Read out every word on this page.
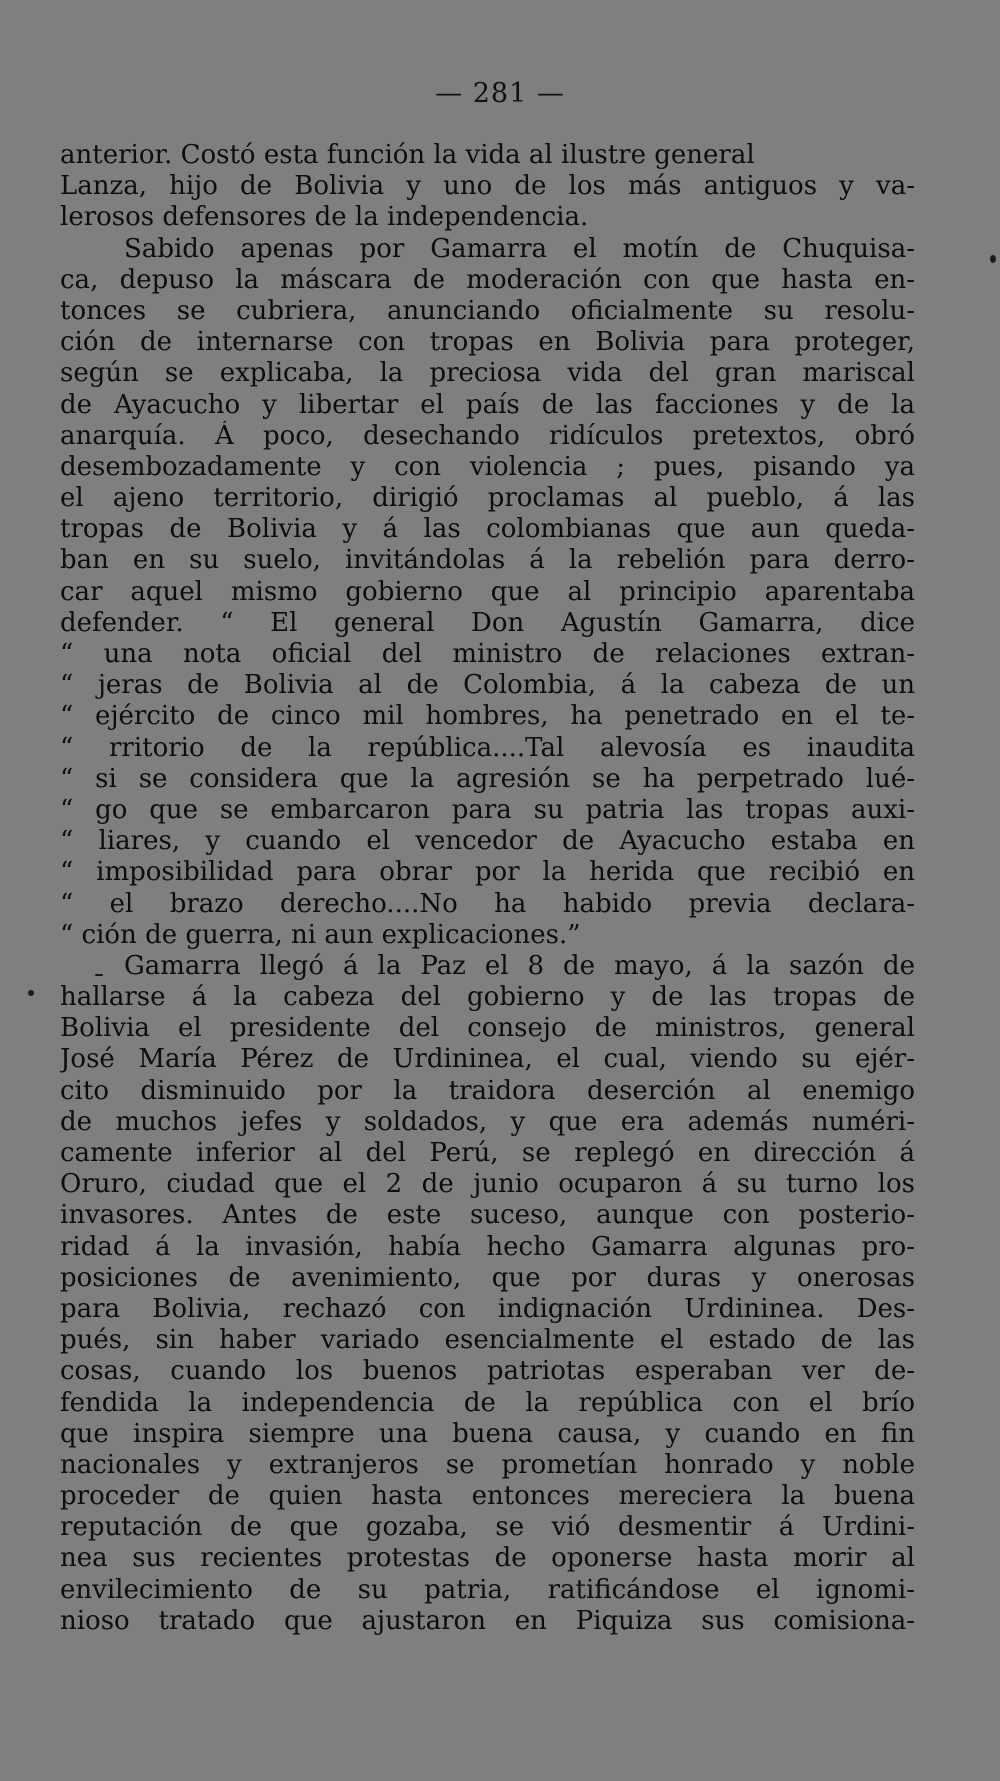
— 281 —
anterior. Costó esta función la vida al ilustre general
Lanza, hijo de Bolivia y uno de los más antiguos y va-
lerosos defensores de la independencia.
Sabido apenas por Gamarra el motín de Chuquisa-
ca, depuso la máscara de moderación con que hasta en-
tonces se cubriera, anunciando oficialmente su resolu-
ción de internarse con tropas en Bolivia para proteger,
según se explicaba, la preciosa vida del gran mariscal
de Ayacucho y libertar el país de las facciones y de la
anarquía. Á poco, desechando ridículos pretextos, obró
desembozadamente y con violencia ; pues, pisando ya
el ajeno territorio, dirigió proclamas al pueblo, á las
tropas de Bolivia y á las colombianas que aun queda-
ban en su suelo, invitándolas á la rebelión para derro-
car aquel mismo gobierno que al principio aparentaba
defender. “ El general Don Agustín Gamarra, dice
“ una nota oficial del ministro de relaciones extran-
“ jeras de Bolivia al de Colombia, á la cabeza de un
“ ejército de cinco mil hombres, ha penetrado en el te-
“ rritorio de la república....Tal alevosía es inaudita
“ si se considera que la agresión se ha perpetrado lué-
“ go que se embarcaron para su patria las tropas auxi-
“ liares, y cuando el vencedor de Ayacucho estaba en
“ imposibilidad para obrar por la herida que recibió en
“ el brazo derecho....No ha habido previa declara-
“ ción de guerra, ni aun explicaciones.”
Gamarra llegó á la Paz el 8 de mayo, á la sazón de
hallarse á la cabeza del gobierno y de las tropas de
Bolivia el presidente del consejo de ministros, general
José María Pérez de Urdininea, el cual, viendo su ejér-
cito disminuido por la traidora deserción al enemigo
de muchos jefes y soldados, y que era además numéri-
camente inferior al del Perú, se replegó en dirección á
Oruro, ciudad que el 2 de junio ocuparon á su turno los
invasores. Antes de este suceso, aunque con posterio-
ridad á la invasión, había hecho Gamarra algunas pro-
posiciones de avenimiento, que por duras y onerosas
para Bolivia, rechazó con indignación Urdininea. Des-
pués, sin haber variado esencialmente el estado de las
cosas, cuando los buenos patriotas esperaban ver de-
fendida la independencia de la república con el brío
que inspira siempre una buena causa, y cuando en fin
nacionales y extranjeros se prometían honrado y noble
proceder de quien hasta entonces mereciera la buena
reputación de que gozaba, se vió desmentir á Urdini-
nea sus recientes protestas de oponerse hasta morir al
envilecimiento de su patria, ratificándose el ignomi-
nioso tratado que ajustaron en Piquiza sus comisiona-
